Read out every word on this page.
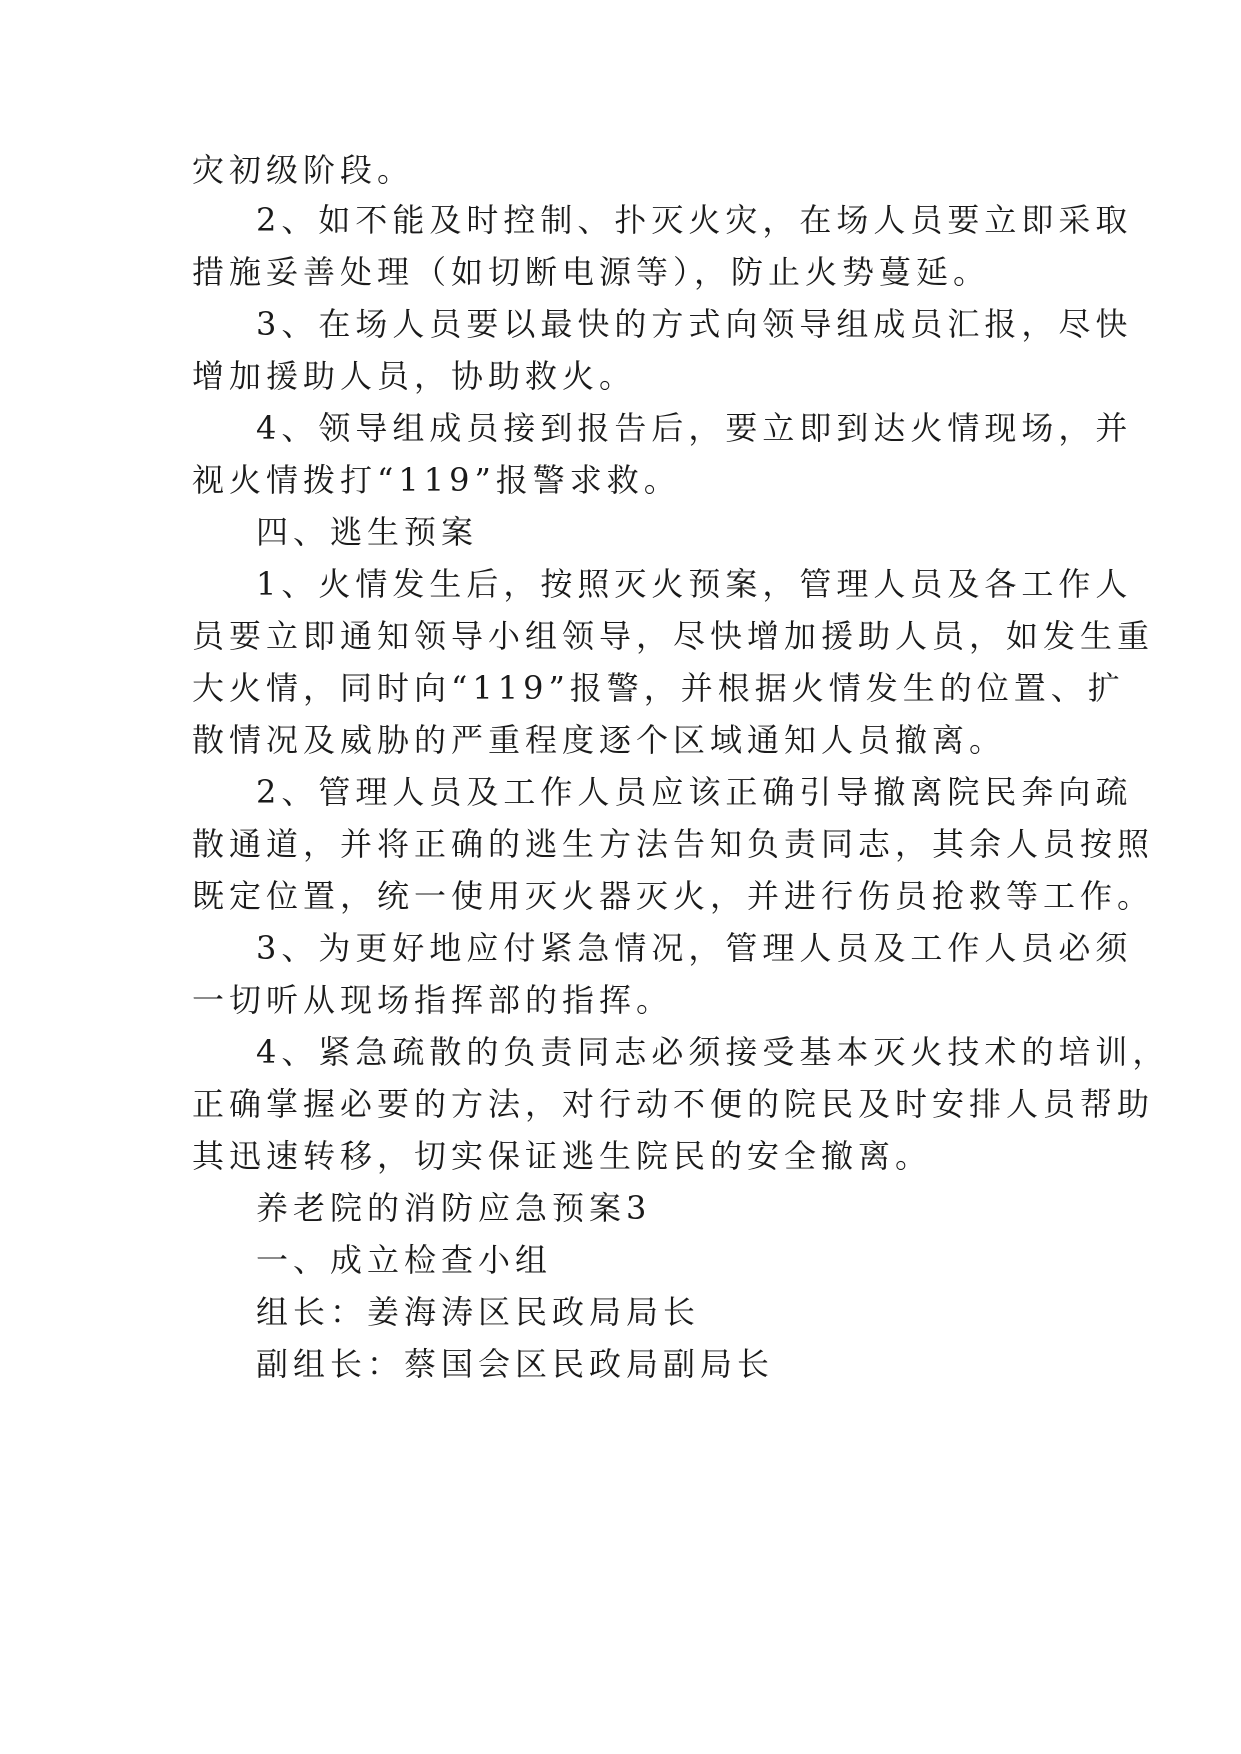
灾初级阶段。
2、如不能及时控制、扑灭火灾，在场人员要立即采取
措施妥善处理（如切断电源等），防止火势蔓延。
3、在场人员要以最快的方式向领导组成员汇报，尽快
增加援助人员，协助救火。
4、领导组成员接到报告后，要立即到达火情现场，并
视火情拨打“119”报警求救。
四、逃生预案
1、火情发生后，按照灭火预案，管理人员及各工作人
员要立即通知领导小组领导，尽快增加援助人员，如发生重
大火情，同时向“119”报警，并根据火情发生的位置、扩
散情况及威胁的严重程度逐个区域通知人员撤离。
2、管理人员及工作人员应该正确引导撤离院民奔向疏
散通道，并将正确的逃生方法告知负责同志，其余人员按照
既定位置，统一使用灭火器灭火，并进行伤员抢救等工作。
3、为更好地应付紧急情况，管理人员及工作人员必须
一切听从现场指挥部的指挥。
4、紧急疏散的负责同志必须接受基本灭火技术的培训，
正确掌握必要的方法，对行动不便的院民及时安排人员帮助
其迅速转移，切实保证逃生院民的安全撤离。
养老院的消防应急预案3
一、成立检查小组
组长：姜海涛区民政局局长
副组长：蔡国会区民政局副局长
